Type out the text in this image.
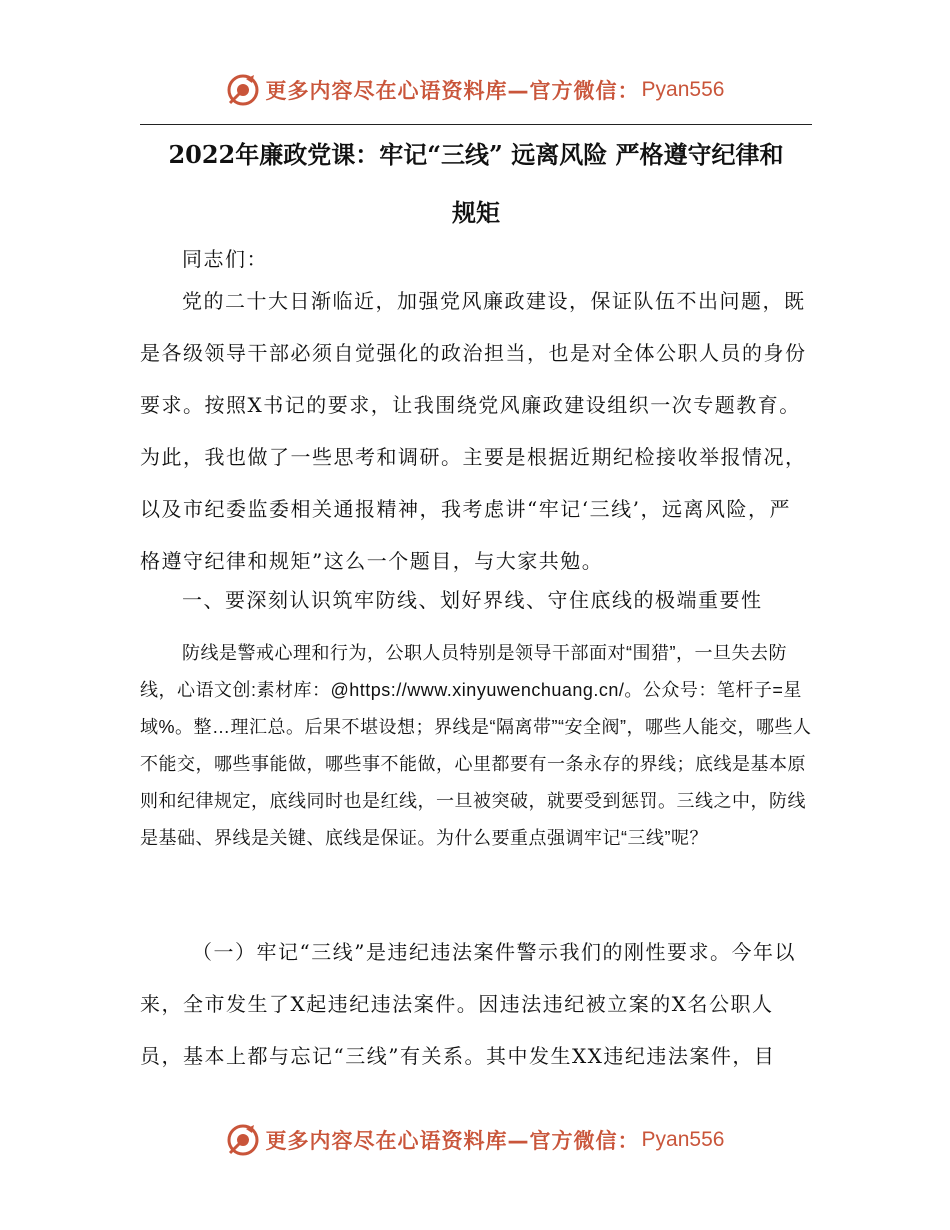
更多内容尽在心语资料库—官方微信： Pyan556
2022年廉政党课：牢记“三线” 远离风险 严格遵守纪律和
规矩

同志们：

党的二十大日渐临近，加强党风廉政建设，保证队伍不出问题，既是各级领导干部必须自觉强化的政治担当，也是对全体公职人员的身份要求。按照X书记的要求，让我围绕党风廉政建设组织一次专题教育。为此，我也做了一些思考和调研。主要是根据近期纪检接收举报情况，以及市纪委监委相关通报精神，我考虑讲“牢记‘三线’，远离风险，严格遵守纪律和规矩”这么一个题目，与大家共勉。

一、要深刻认识筑牢防线、划好界线、守住底线的极端重要性

防线是警戒心理和行为，公职人员特别是领导干部面对“围猎”，一旦失去防线，心语文创:素材库：@https://www.xinyuwenchuang.cn/。公众号：笔杆子=星域%。整…理汇总。后果不堪设想；界线是“隔离带”“安全阀”，哪些人能交，哪些人不能交，哪些事能做，哪些事不能做，心里都要有一条永存的界线；底线是基本原则和纪律规定，底线同时也是红线，一旦被突破，就要受到惩罚。三线之中，防线是基础、界线是关键、底线是保证。为什么要重点强调牢记“三线”呢？

（一）牢记“三线”是违纪违法案件警示我们的刚性要求。今年以来，全市发生了X起违纪违法案件。因违法违纪被立案的X名公职人员，基本上都与忘记“三线”有关系。其中发生XX违纪违法案件，目

更多内容尽在心语资料库—官方微信： Pyan556
